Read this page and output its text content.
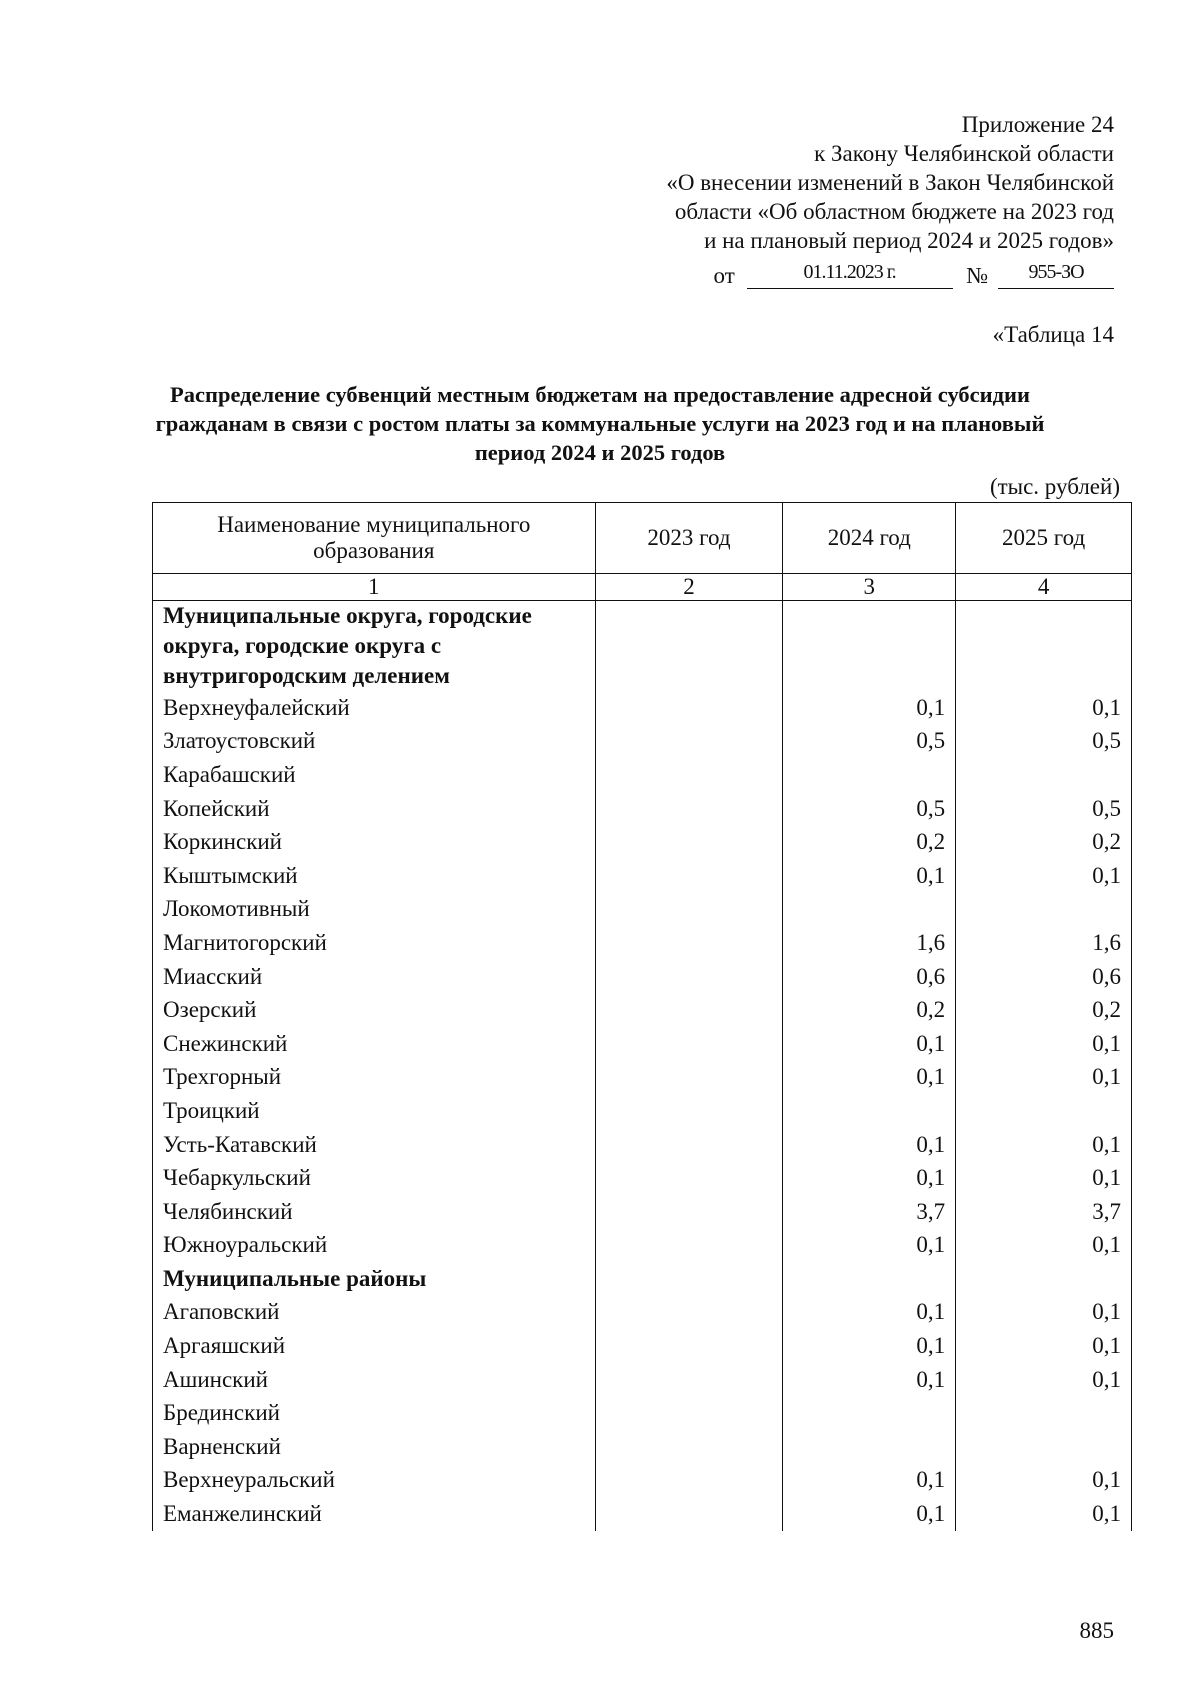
Приложение 24
к Закону Челябинской области
«О внесении изменений в Закон Челябинской
области «Об областном бюджете на 2023 год
и на плановый период 2024 и 2025 годов»
от	01.11.2023 г.	№ 955-ЗО
«Таблица 14
Распределение субвенций местным бюджетам на предоставление адресной субсидии гражданам в связи с ростом платы за коммунальные услуги на 2023 год и на плановый период 2024 и 2025 годов
(тыс. рублей)
Наименование муниципального образования	2023 год	2024 год	2025 год
1	2	3	4
Муниципальные округа, городские округа, городские округа с внутригородским делением			
Верхнеуфалейский		0,1	0,1
Златоустовский		0,5	0,5
Карабашский			
Копейский		0,5	0,5
Коркинский		0,2	0,2
Кыштымский		0,1	0,1
Локомотивный			
Магнитогорский		1,6	1,6
Миасский		0,6	0,6
Озерский		0,2	0,2
Снежинский		0,1	0,1
Трехгорный		0,1	0,1
Троицкий			
Усть-Катавский		0,1	0,1
Чебаркульский		0,1	0,1
Челябинский		3,7	3,7
Южноуральский		0,1	0,1
Муниципальные районы			
Агаповский		0,1	0,1
Аргаяшский		0,1	0,1
Ашинский		0,1	0,1
Брединский			
Варненский			
Верхнеуральский		0,1	0,1
Еманжелинский		0,1	0,1
885
